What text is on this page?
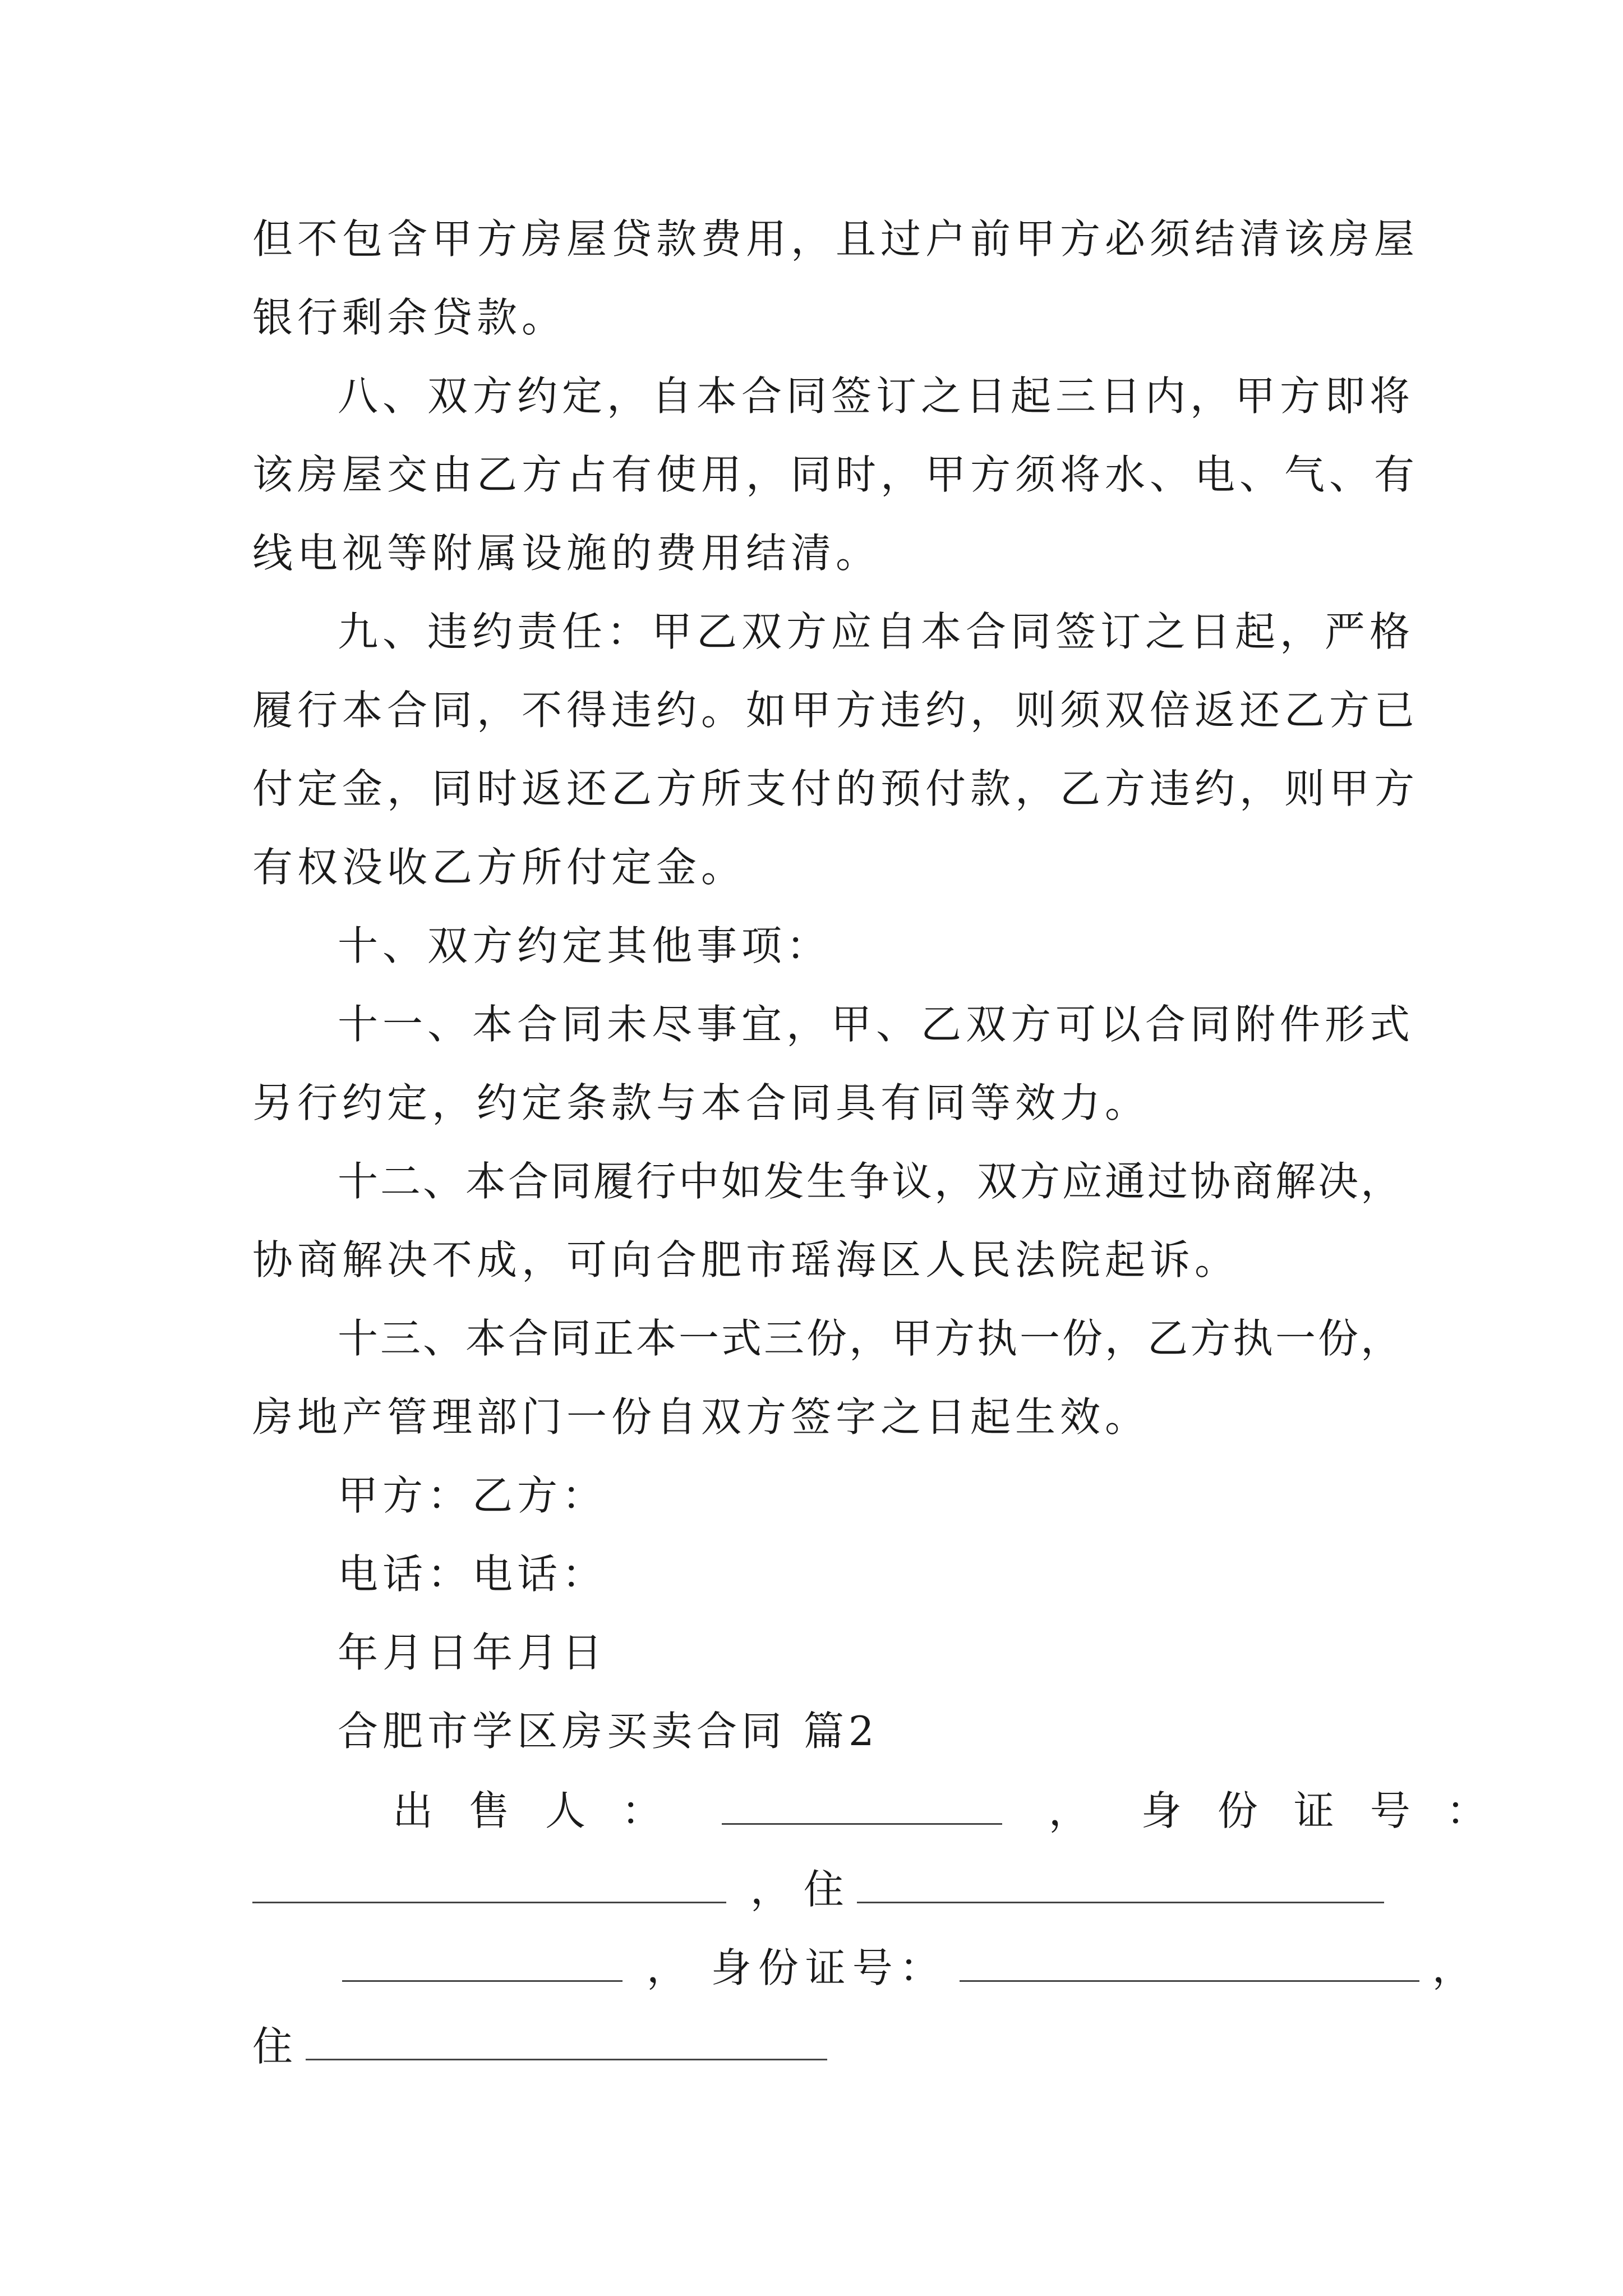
但不包含甲方房屋贷款费用，且过户前甲方必须结清该房屋
银行剩余贷款。
八、双方约定，自本合同签订之日起三日内，甲方即将
该房屋交由乙方占有使用，同时，甲方须将水、电、气、有
线电视等附属设施的费用结清。
九、违约责任：甲乙双方应自本合同签订之日起，严格
履行本合同，不得违约。如甲方违约，则须双倍返还乙方已
付定金，同时返还乙方所支付的预付款，乙方违约，则甲方
有权没收乙方所付定金。
十、双方约定其他事项：
十一、本合同未尽事宜，甲、乙双方可以合同附件形式
另行约定，约定条款与本合同具有同等效力。
十二、本合同履行中如发生争议，双方应通过协商解决，
协商解决不成，可向合肥市瑶海区人民法院起诉。
十三、本合同正本一式三份，甲方执一份，乙方执一份，
房地产管理部门一份自双方签字之日起生效。
甲方：乙方：
电话：电话：
年月日年月日
合肥市学区房买卖合同 篇2
出售人：	， 身份证号：
， 住
， 身份证号：	，
住
